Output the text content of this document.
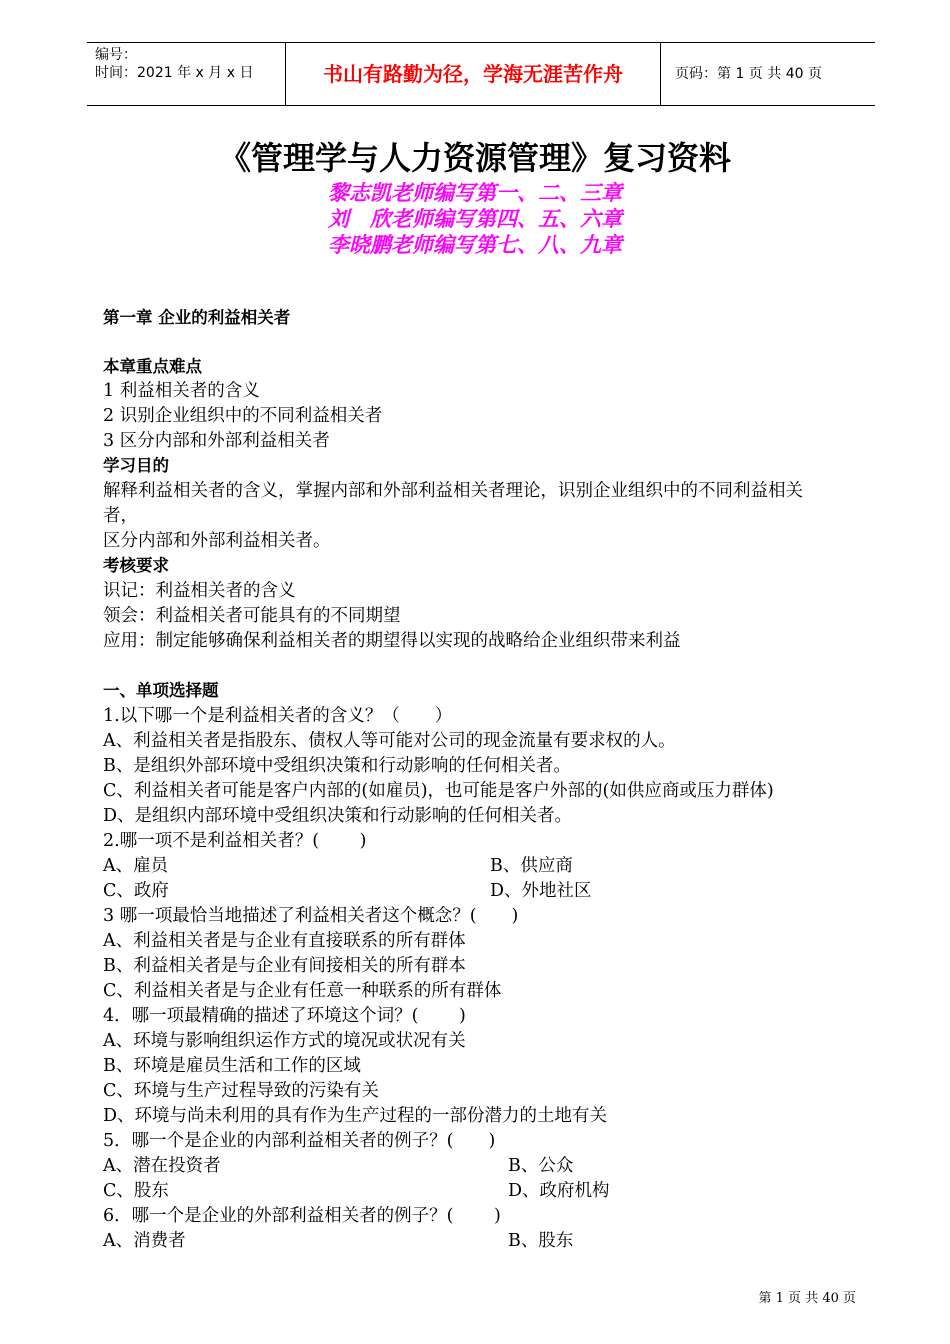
编号：
时间：2021 年 x 月 x 日	书山有路勤为径，学海无涯苦作舟	页码：第 1 页 共 40 页
《管理学与人力资源管理》复习资料
黎志凯老师编写第一、二、三章
刘　欣老师编写第四、五、六章
李晓鹏老师编写第七、八、九章
第一章 企业的利益相关者
本章重点难点
1 利益相关者的含义
2 识别企业组织中的不同利益相关者
3 区分内部和外部利益相关者
学习目的
解释利益相关者的含义，掌握内部和外部利益相关者理论，识别企业组织中的不同利益相关
者，
区分内部和外部利益相关者。
考核要求
识记：利益相关者的含义
领会：利益相关者可能具有的不同期望
应用：制定能够确保利益相关者的期望得以实现的战略给企业组织带来利益
一、单项选择题
1.以下哪一个是利益相关者的含义？（　　）
A、利益相关者是指股东、债权人等可能对公司的现金流量有要求权的人。
B、是组织外部环境中受组织决策和行动影响的任何相关者。
C、利益相关者可能是客户内部的(如雇员)，也可能是客户外部的(如供应商或压力群体)
D、是组织内部环境中受组织决策和行动影响的任何相关者。
2.哪一项不是利益相关者？(　　 )
A、雇员	B、供应商
C、政府	D、外地社区
3 哪一项最恰当地描述了利益相关者这个概念？(　　)
A、利益相关者是与企业有直接联系的所有群体
B、利益相关者是与企业有间接相关的所有群本
C、利益相关者是与企业有任意一种联系的所有群体
4．哪一项最精确的描述了环境这个词？(　　 )
A、环境与影响组织运作方式的境况或状况有关
B、环境是雇员生活和工作的区域
C、环境与生产过程导致的污染有关
D、环境与尚未利用的具有作为生产过程的一部份潜力的土地有关
5．哪一个是企业的内部利益相关者的例子？(　　)
A、潜在投资者	B、公众
C、股东	D、政府机构
6．哪一个是企业的外部利益相关者的例子？(　　 )
A、消费者	B、股东
第 1 页 共 40 页
